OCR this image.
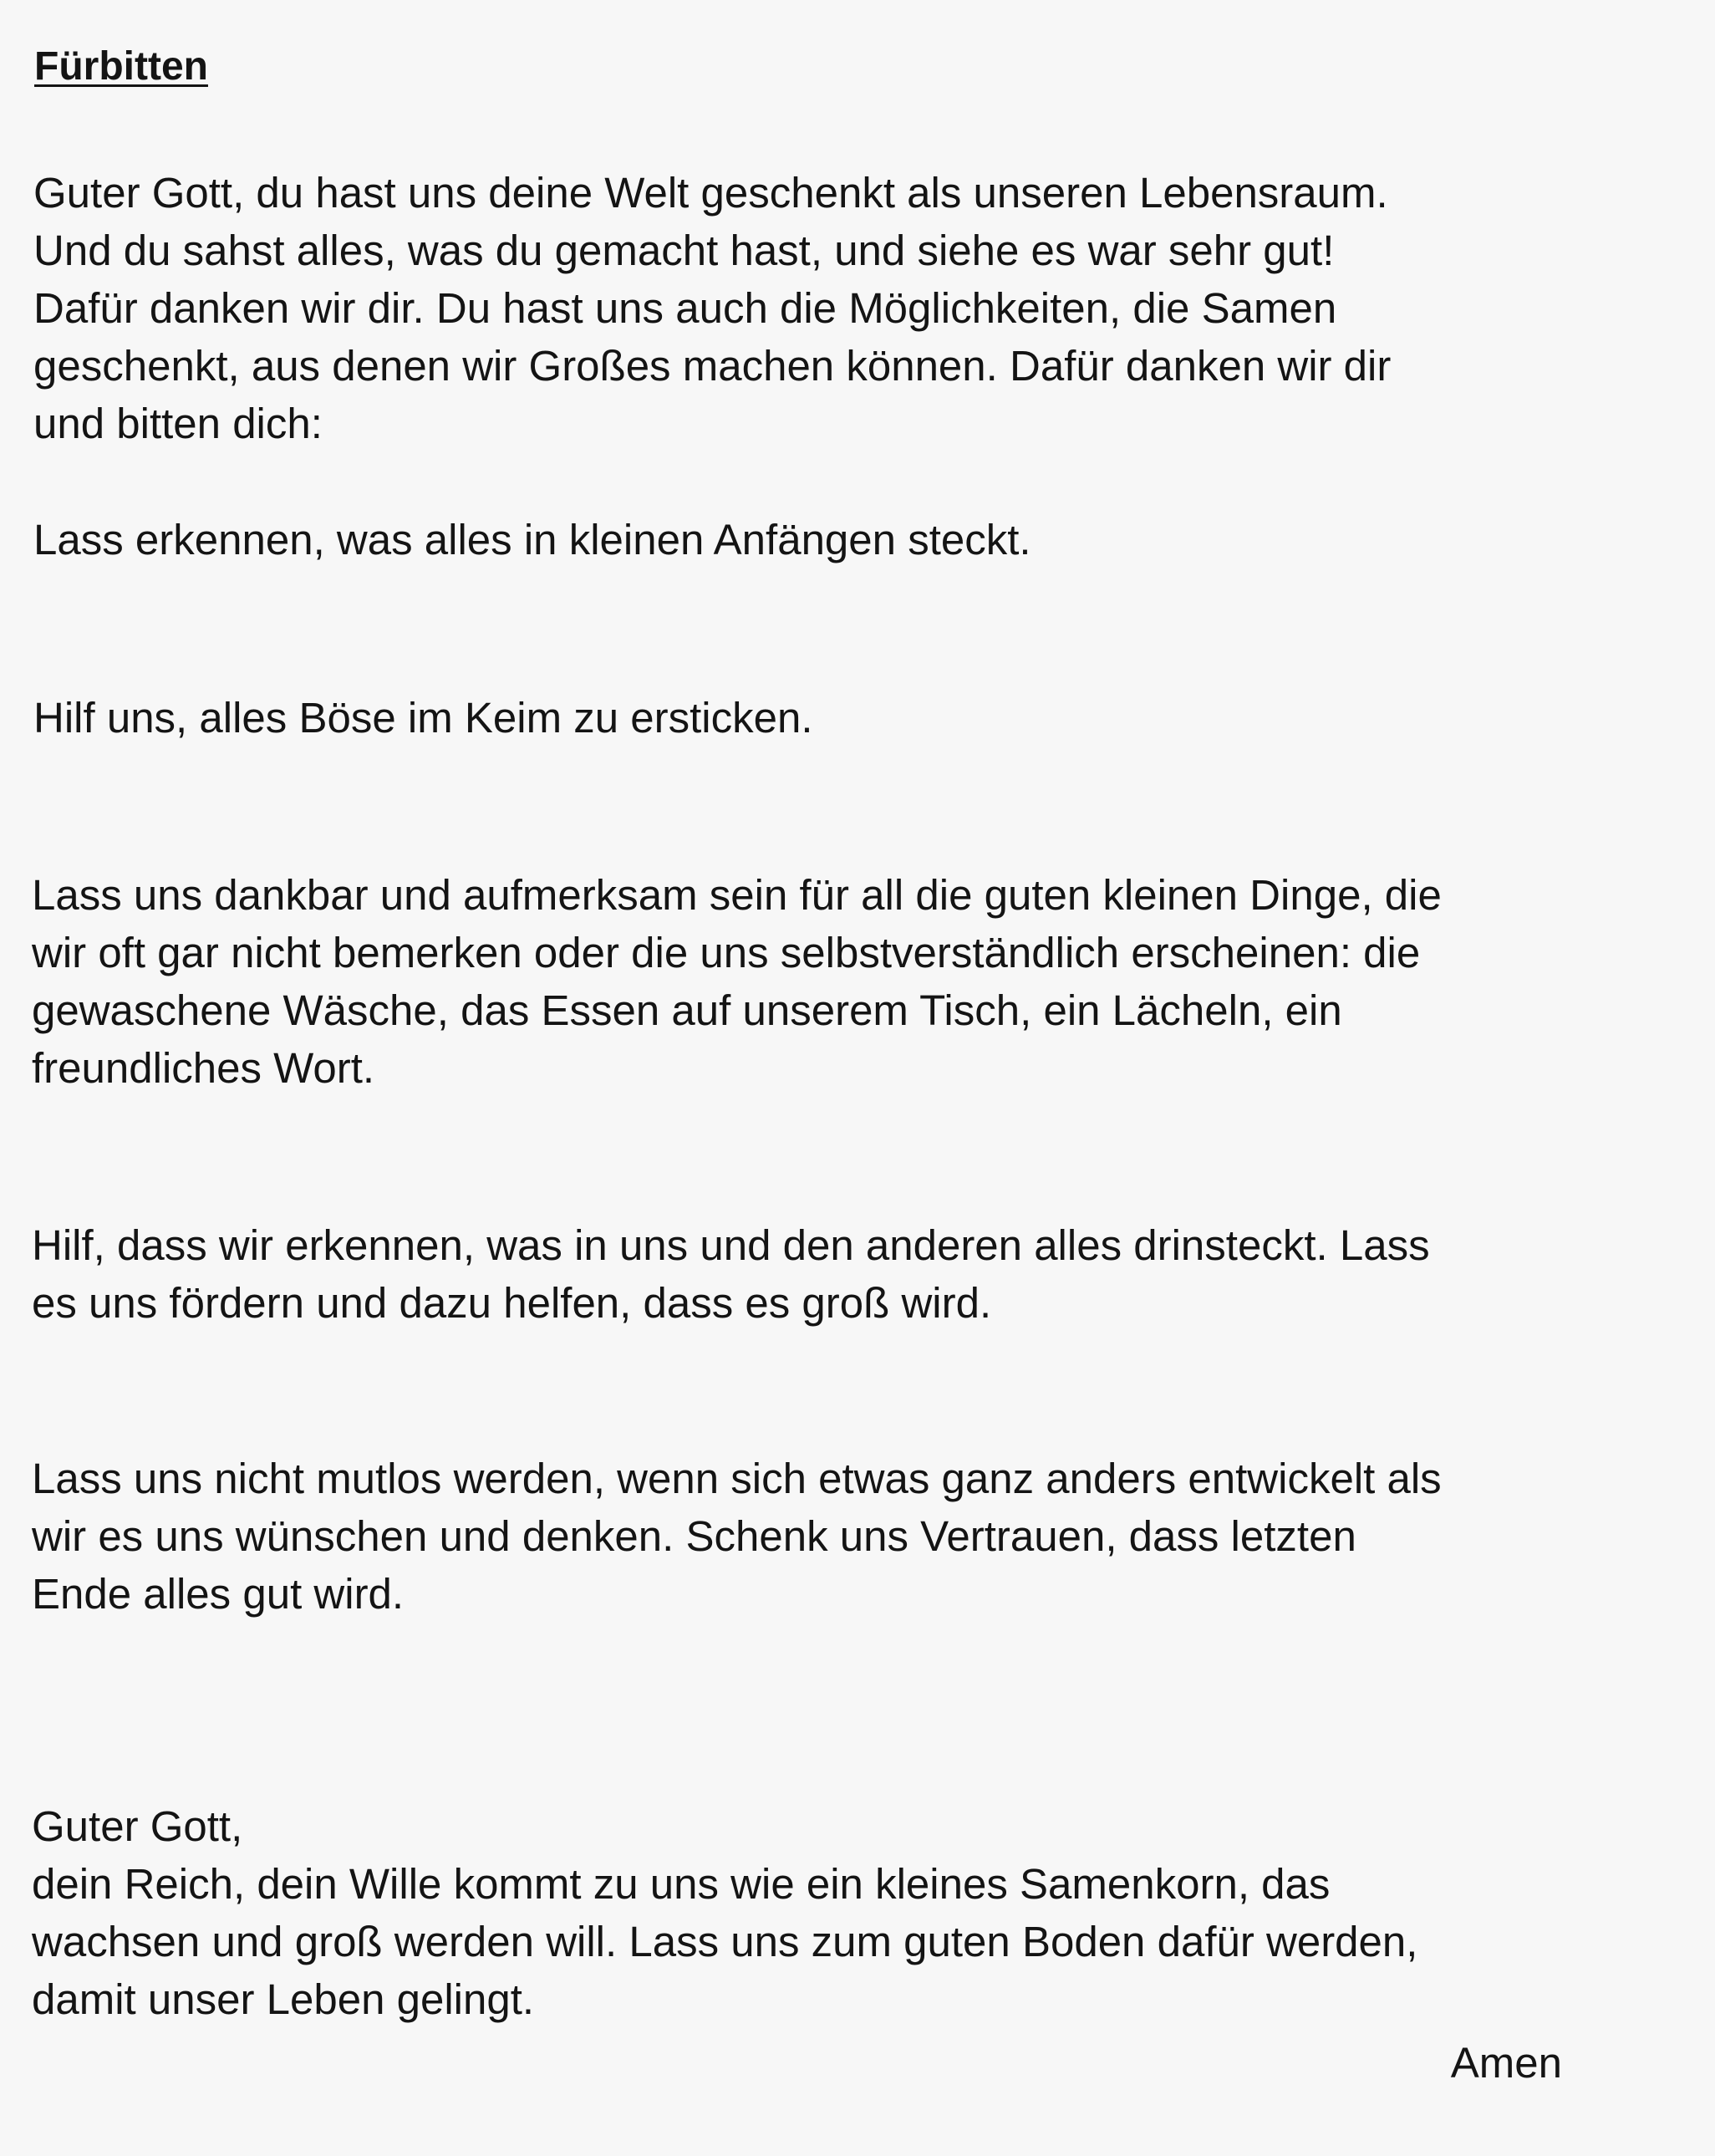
Fürbitten
Guter Gott, du hast uns deine Welt geschenkt als unseren Lebensraum.
Und du sahst alles, was du gemacht hast, und siehe es war sehr gut!
Dafür danken wir dir. Du hast uns auch die Möglichkeiten, die Samen
geschenkt, aus denen wir Großes machen können. Dafür danken wir dir
und bitten dich:
Lass erkennen, was alles in kleinen Anfängen steckt.
Hilf uns, alles Böse im Keim zu ersticken.
Lass uns dankbar und aufmerksam sein für all die guten kleinen Dinge, die
wir oft gar nicht bemerken oder die uns selbstverständlich erscheinen: die
gewaschene Wäsche, das Essen auf unserem Tisch, ein Lächeln, ein
freundliches Wort.
Hilf, dass wir erkennen, was in uns und den anderen alles drinsteckt. Lass
es uns fördern und dazu helfen, dass es groß wird.
Lass uns nicht mutlos werden, wenn sich etwas ganz anders entwickelt als
wir es uns wünschen und denken. Schenk uns Vertrauen, dass letzten
Ende alles gut wird.
Guter Gott,
dein Reich, dein Wille kommt zu uns wie ein kleines Samenkorn, das
wachsen und groß werden will. Lass uns zum guten Boden dafür werden,
damit unser Leben gelingt.
Amen
